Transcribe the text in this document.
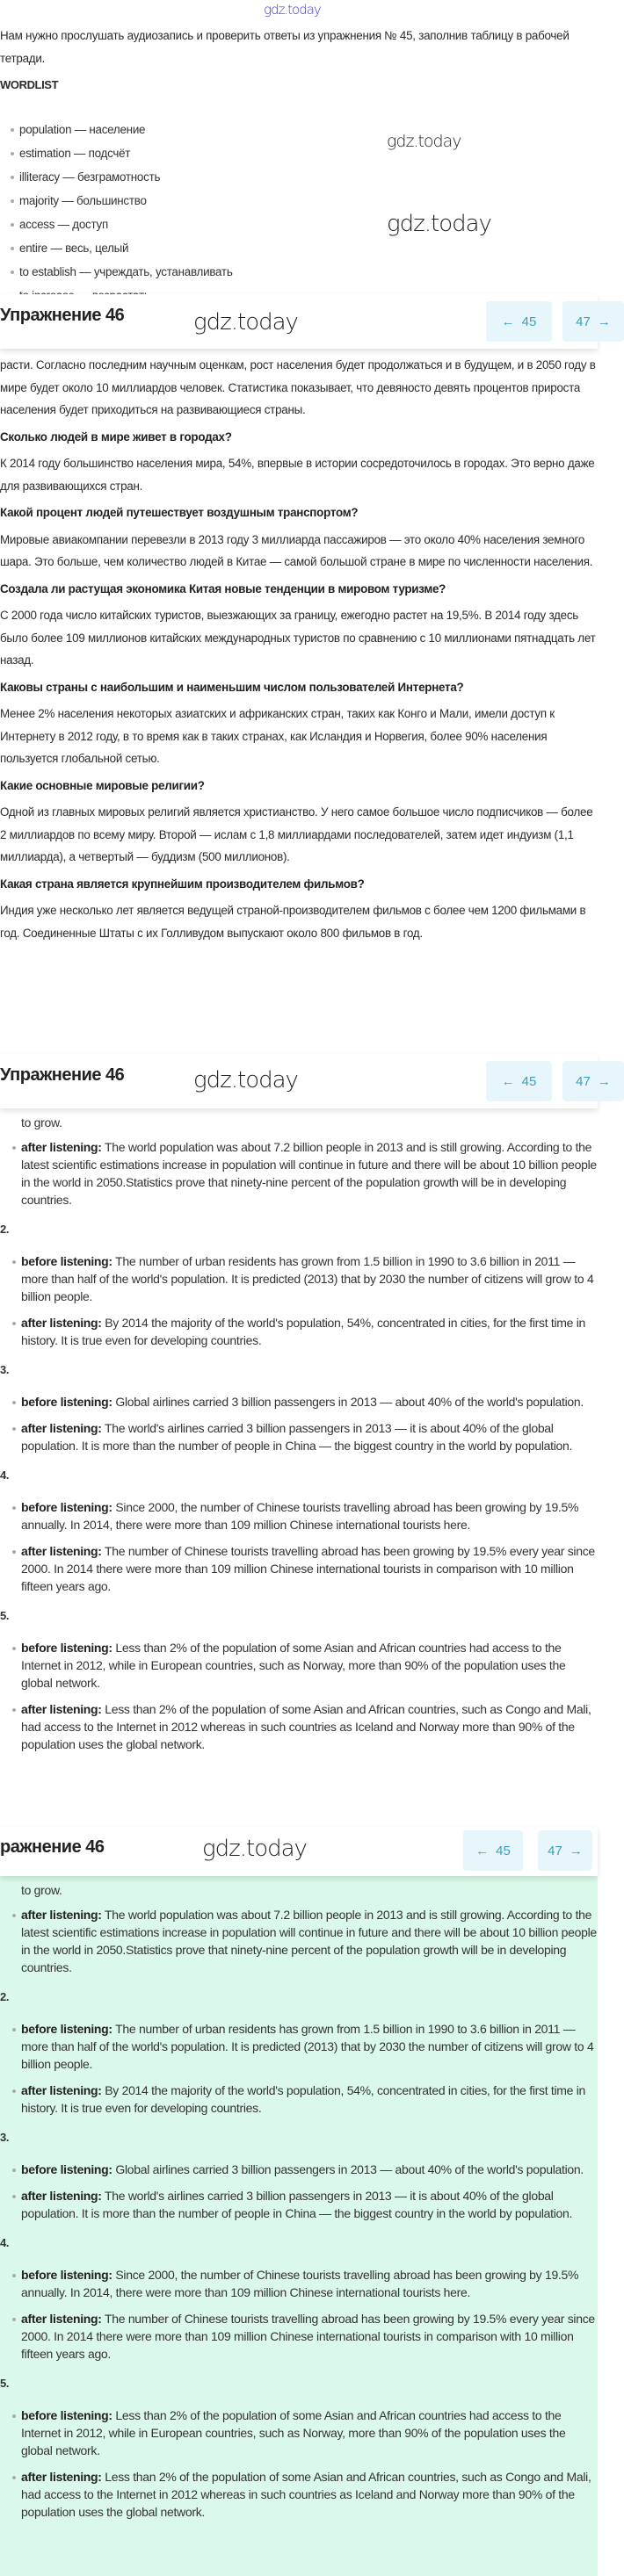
Нам нужно прослушать аудиозапись и проверить ответы из упражнения № 45, заполнив таблицу в рабочей тетради.

WORDLIST
population — население
estimation — подсчёт
illiteracy — безграмотность
majority — большинство
access — доступ
entire — весь, целый
to establish — учреждать, устанавливать
Упражнение 46	← 45	47 →

расти. Согласно последним научным оценкам, рост населения будет продолжаться и в будущем, и в 2050 году в мире будет около 10 миллиардов человек. Статистика показывает, что девяносто девять процентов прироста населения будет приходиться на развивающиеся страны.

Сколько людей в мире живет в городах?

К 2014 году большинство населения мира, 54%, впервые в истории сосредоточилось в городах. Это верно даже для развивающихся стран.

Какой процент людей путешествует воздушным транспортом?

Мировые авиакомпании перевезли в 2013 году 3 миллиарда пассажиров — это около 40% населения земного шара. Это больше, чем количество людей в Китае — самой большой стране в мире по численности населения.

Создала ли растущая экономика Китая новые тенденции в мировом туризме?

С 2000 года число китайских туристов, выезжающих за границу, ежегодно растет на 19,5%. В 2014 году здесь было более 109 миллионов китайских международных туристов по сравнению с 10 миллионами пятнадцать лет назад.

Каковы страны с наибольшим и наименьшим числом пользователей Интернета?

Менее 2% населения некоторых азиатских и африканских стран, таких как Конго и Мали, имели доступ к Интернету в 2012 году, в то время как в таких странах, как Исландия и Норвегия, более 90% населения пользуется глобальной сетью.

Какие основные мировые религии?

Одной из главных мировых религий является христианство. У него самое большое число подписчиков — более 2 миллиардов по всему миру. Второй — ислам с 1,8 миллиардами последователей, затем идет индуизм (1,1 миллиарда), а четвертый — буддизм (500 миллионов).

Какая страна является крупнейшим производителем фильмов?

Индия уже несколько лет является ведущей страной-производителем фильмов с более чем 1200 фильмами в год. Соединенные Штаты с их Голливудом выпускают около 800 фильмов в год.

Упражнение 46	← 45	47 →
to grow.
after listening: The world population was about 7.2 billion people in 2013 and is still growing. According to the latest scientific estimations increase in population will continue in future and there will be about 10 billion people in the world in 2050.Statistics prove that ninety-nine percent of the population growth will be in developing countries.
2.
before listening: The number of urban residents has grown from 1.5 billion in 1990 to 3.6 billion in 2011 — more than half of the world's population. It is predicted (2013) that by 2030 the number of citizens will grow to 4 billion people.
after listening: By 2014 the majority of the world's population, 54%, concentrated in cities, for the first time in history. It is true even for developing countries.
3.
before listening: Global airlines carried 3 billion passengers in 2013 — about 40% of the world's population.
after listening: The world's airlines carried 3 billion passengers in 2013 — it is about 40% of the global population. It is more than the number of people in China — the biggest country in the world by population.
4.
before listening: Since 2000, the number of Chinese tourists travelling abroad has been growing by 19.5% annually. In 2014, there were more than 109 million Chinese international tourists here.
after listening: The number of Chinese tourists travelling abroad has been growing by 19.5% every year since 2000. In 2014 there were more than 109 million Chinese international tourists in comparison with 10 million fifteen years ago.
5.
before listening: Less than 2% of the population of some Asian and African countries had access to the Internet in 2012, while in European countries, such as Norway, more than 90% of the population uses the global network.
after listening: Less than 2% of the population of some Asian and African countries, such as Congo and Mali, had access to the Internet in 2012 whereas in such countries as Iceland and Norway more than 90% of the population uses the global network.
ражнение 46	← 45	47 →
to grow.
after listening: The world population was about 7.2 billion people in 2013 and is still growing. According to the latest scientific estimations increase in population will continue in future and there will be about 10 billion people in the world in 2050.Statistics prove that ninety-nine percent of the population growth will be in developing countries.
2.
before listening: The number of urban residents has grown from 1.5 billion in 1990 to 3.6 billion in 2011 — more than half of the world's population. It is predicted (2013) that by 2030 the number of citizens will grow to 4 billion people.
after listening: By 2014 the majority of the world's population, 54%, concentrated in cities, for the first time in history. It is true even for developing countries.
3.
before listening: Global airlines carried 3 billion passengers in 2013 — about 40% of the world's population.
after listening: The world's airlines carried 3 billion passengers in 2013 — it is about 40% of the global population. It is more than the number of people in China — the biggest country in the world by population.
4.
before listening: Since 2000, the number of Chinese tourists travelling abroad has been growing by 19.5% annually. In 2014, there were more than 109 million Chinese international tourists here.
after listening: The number of Chinese tourists travelling abroad has been growing by 19.5% every year since 2000. In 2014 there were more than 109 million Chinese international tourists in comparison with 10 million fifteen years ago.
5.
before listening: Less than 2% of the population of some Asian and African countries had access to the Internet in 2012, while in European countries, such as Norway, more than 90% of the population uses the global network.
after listening: Less than 2% of the population of some Asian and African countries, such as Congo and Mali, had access to the Internet in 2012 whereas in such countries as Iceland and Norway more than 90% of the population uses the global network.
gdz.today
gdz.today
gdz.today
gdz.today
gdz.today
gdz.today
